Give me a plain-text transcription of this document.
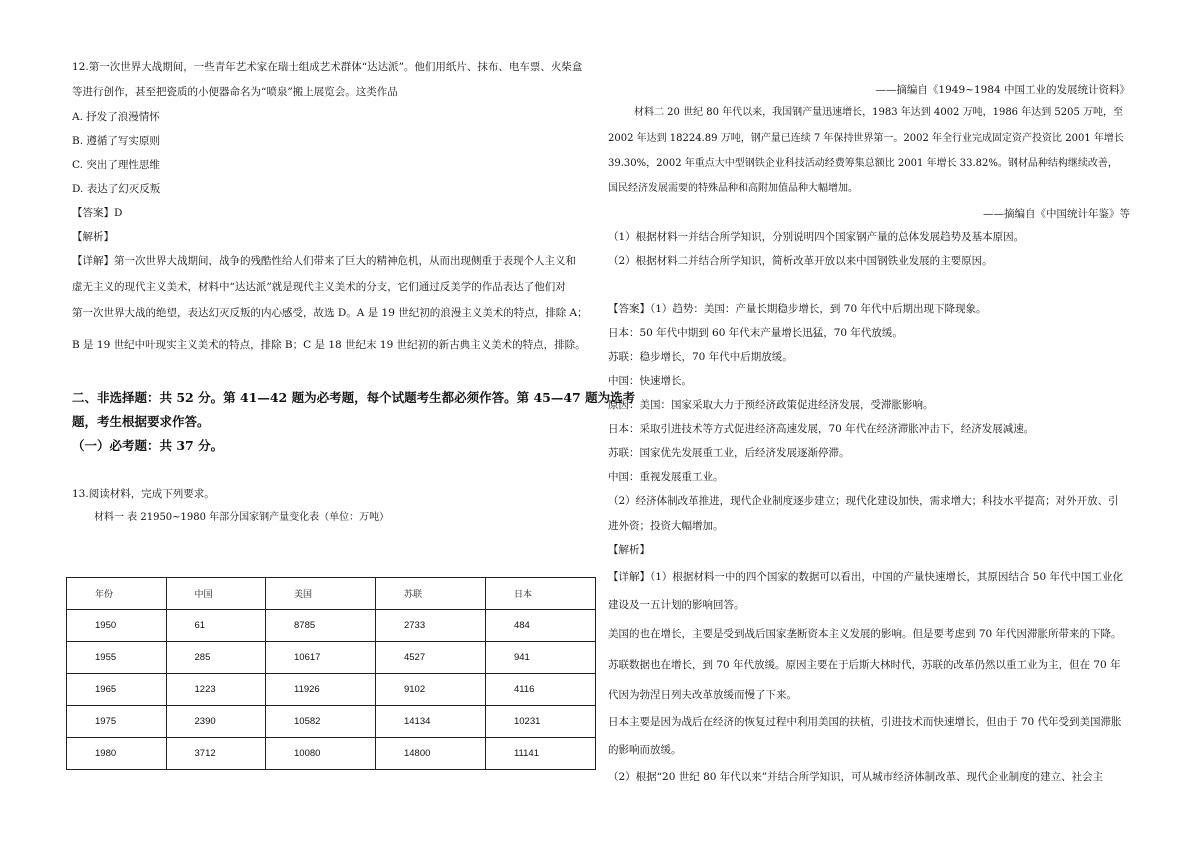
12.第一次世界大战期间，一些青年艺术家在瑞士组成艺术群体“达达派”。他们用纸片、抹布、电车票、火柴盒
等进行创作，甚至把瓷质的小便器命名为“喷泉”搬上展览会。这类作品
A. 抒发了浪漫情怀
B. 遵循了写实原则
C. 突出了理性思维
D. 表达了幻灭反叛
【答案】D
【解析】
【详解】第一次世界大战期间，战争的残酷性给人们带来了巨大的精神危机，从而出现侧重于表现个人主义和
虚无主义的现代主义美术，材料中“达达派”就是现代主义美术的分支，它们通过反美学的作品表达了他们对
第一次世界大战的绝望，表达幻灭反叛的内心感受，故选 D。A 是 19 世纪初的浪漫主义美术的特点，排除 A；
B 是 19 世纪中叶现实主义美术的特点，排除 B；C 是 18 世纪末 19 世纪初的新古典主义美术的特点，排除。
二、非选择题：共 52 分。第 41—42 题为必考题，每个试题考生都必须作答。第 45—47 题为选考
题，考生根据要求作答。
（一）必考题：共 37 分。
13.阅读材料，完成下列要求。
材料一 表 21950~1980 年部分国家钢产量变化表（单位：万吨）
年份	中国	美国	苏联	日本
1950	61	8785	2733	484
1955	285	10617	4527	941
1965	1223	11926	9102	4116
1975	2390	10582	14134	10231
1980	3712	10080	14800	11141
——摘编自《1949~1984 中国工业的发展统计资料》
材料二 20 世纪 80 年代以来，我国钢产量迅速增长，1983 年达到 4002 万吨，1986 年达到 5205 万吨，至
2002 年达到 18224.89 万吨，钢产量已连续 7 年保持世界第一。2002 年全行业完成固定资产投资比 2001 年增长
39.30%，2002 年重点大中型钢铁企业科技活动经费筹集总额比 2001 年增长 33.82%。钢材品种结构继续改善，
国民经济发展需要的特殊品种和高附加值品种大幅增加。
——摘编自《中国统计年鉴》等
（1）根据材料一并结合所学知识，分别说明四个国家钢产量的总体发展趋势及基本原因。
（2）根据材料二并结合所学知识，简析改革开放以来中国钢铁业发展的主要原因。
【答案】（1）趋势：美国：产量长期稳步增长，到 70 年代中后期出现下降现象。
日本：50 年代中期到 60 年代末产量增长迅猛，70 年代放缓。
苏联：稳步增长，70 年代中后期放缓。
中国：快速增长。
原因：美国：国家采取大力于预经济政策促进经济发展，受滞胀影响。
日本：采取引进技术等方式促进经济高速发展，70 年代在经济滞胀冲击下，经济发展减速。
苏联：国家优先发展重工业，后经济发展逐渐停滞。
中国：重视发展重工业。
（2）经济体制改革推进，现代企业制度逐步建立；现代化建设加快，需求增大；科技水平提高；对外开放、引
进外资；投资大幅增加。
【解析】
【详解】（1）根据材料一中的四个国家的数据可以看出，中国的产量快速增长，其原因结合 50 年代中国工业化
建设及一五计划的影响回答。
美国的也在增长，主要是受到战后国家垄断资本主义发展的影响。但是要考虑到 70 年代因滞胀所带来的下降。
苏联数据也在增长，到 70 年代放缓。原因主要在于后斯大林时代，苏联的改革仍然以重工业为主，但在 70 年
代因为勃涅日列夫改革放缓而慢了下来。
日本主要是因为战后在经济的恢复过程中利用美国的扶植，引进技术而快速增长，但由于 70 代年受到美国滞胀
的影响而放缓。
（2）根据“20 世纪 80 年代以来”并结合所学知识，可从城市经济体制改革、现代企业制度的建立、社会主
